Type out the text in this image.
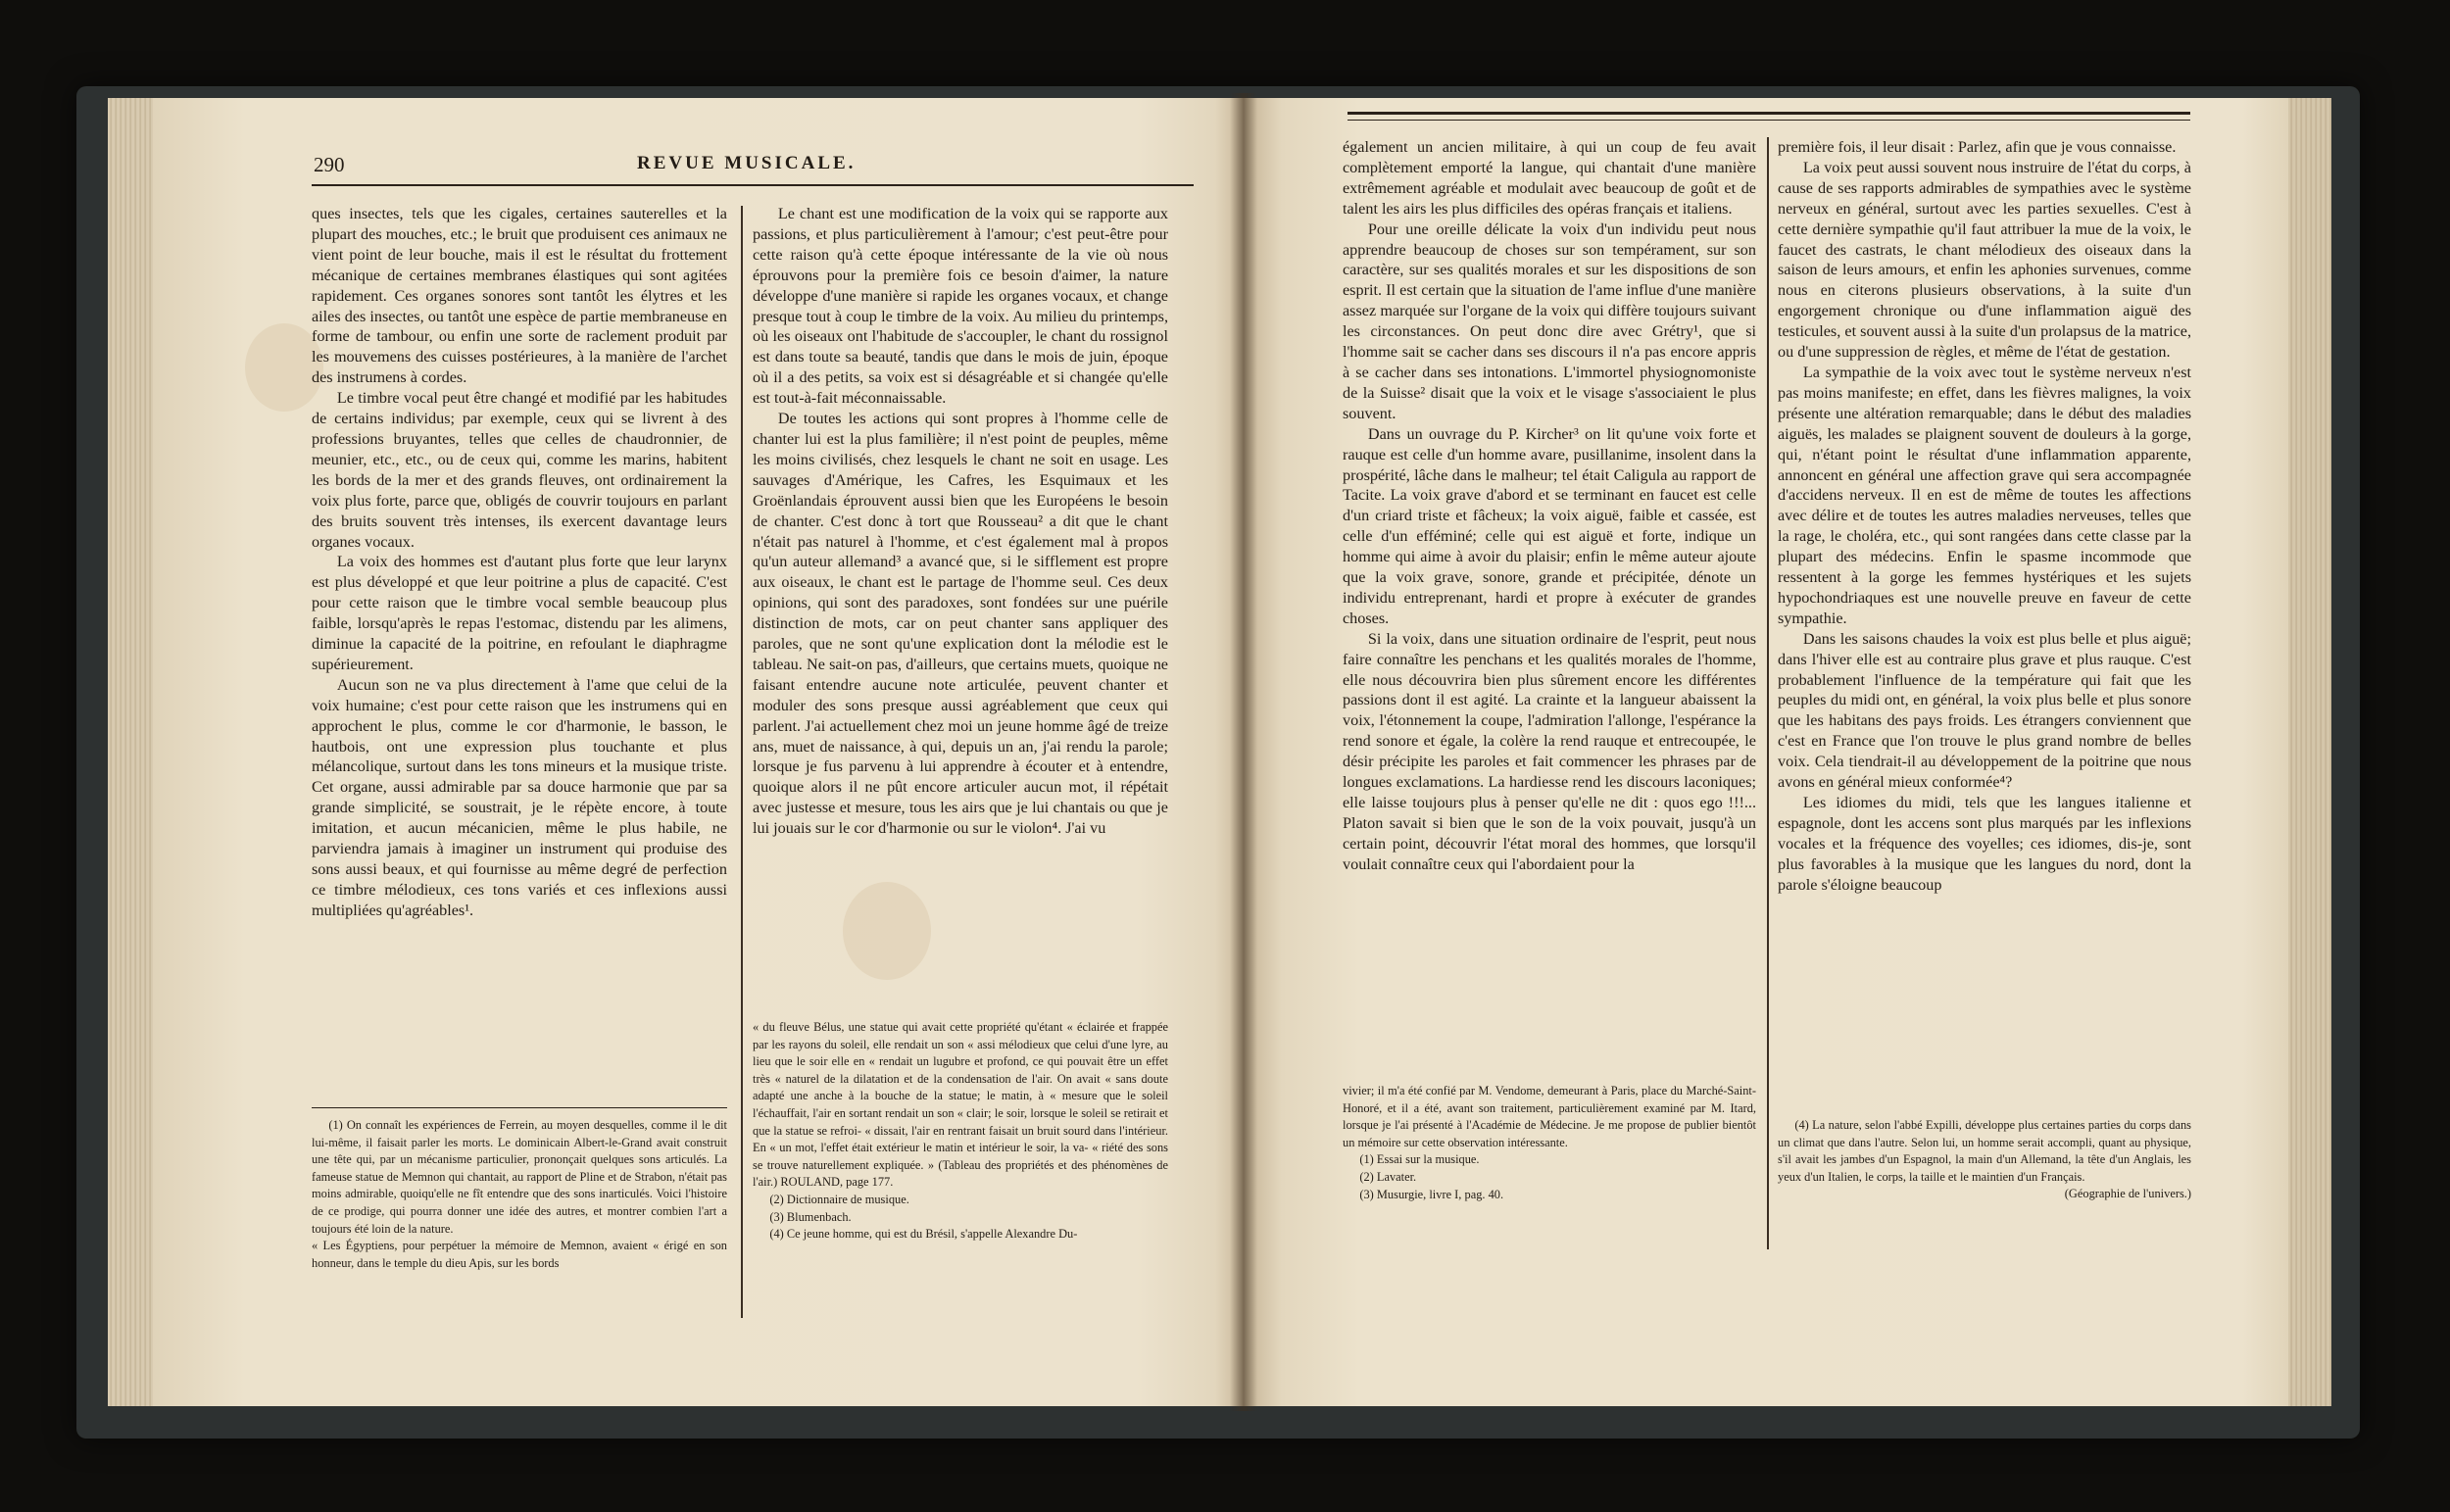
290	REVUE MUSICALE.

ques insectes, tels que les cigales, certaines sauterelles et la plupart des mouches, etc.; le bruit que produisent ces animaux ne vient point de leur bouche, mais il est le résultat du frottement mécanique de certaines membranes élastiques qui sont agitées rapidement. Ces organes sonores sont tantôt les élytres et les ailes des insectes, ou tantôt une espèce de partie membraneuse en forme de tambour, ou enfin une sorte de raclement produit par les mouvemens des cuisses postérieures, à la manière de l'archet des instrumens à cordes.

Le timbre vocal peut être changé et modifié par les habitudes de certains individus; par exemple, ceux qui se livrent à des professions bruyantes, telles que celles de chaudronnier, de meunier, etc., etc., ou de ceux qui, comme les marins, habitent les bords de la mer et des grands fleuves, ont ordinairement la voix plus forte, parce que, obligés de couvrir toujours en parlant des bruits souvent très intenses, ils exercent davantage leurs organes vocaux.

La voix des hommes est d'autant plus forte que leur larynx est plus développé et que leur poitrine a plus de capacité. C'est pour cette raison que le timbre vocal semble beaucoup plus faible, lorsqu'après le repas l'estomac, distendu par les alimens, diminue la capacité de la poitrine, en refoulant le diaphragme supérieurement.

Aucun son ne va plus directement à l'ame que celui de la voix humaine; c'est pour cette raison que les instrumens qui en approchent le plus, comme le cor d'harmonie, le basson, le hautbois, ont une expression plus touchante et plus mélancolique, surtout dans les tons mineurs et la musique triste. Cet organe, aussi admirable par sa douce harmonie que par sa grande simplicité, se soustrait, je le répète encore, à toute imitation, et aucun mécanicien, même le plus habile, ne parviendra jamais à imaginer un instrument qui produise des sons aussi beaux, et qui fournisse au même degré de perfection ce timbre mélodieux, ces tons variés et ces inflexions aussi multipliées qu'agréables¹.

(1) On connaît les expériences de Ferrein, au moyen desquelles, comme il le dit lui-même, il faisait parler les morts. Le dominicain Albert-le-Grand avait construit une tête qui, par un mécanisme particulier, prononçait quelques sons articulés. La fameuse statue de Memnon qui chantait, au rapport de Pline et de Strabon, n'était pas moins admirable, quoiqu'elle ne fît entendre que des sons inarticulés. Voici l'histoire de ce prodige, qui pourra donner une idée des autres, et montrer combien l'art a toujours été loin de la nature.

« Les Égyptiens, pour perpétuer la mémoire de Memnon, avaient « érigé en son honneur, dans le temple du dieu Apis, sur les bords

Le chant est une modification de la voix qui se rapporte aux passions, et plus particulièrement à l'amour; c'est peut-être pour cette raison qu'à cette époque intéressante de la vie où nous éprouvons pour la première fois ce besoin d'aimer, la nature développe d'une manière si rapide les organes vocaux, et change presque tout à coup le timbre de la voix. Au milieu du printemps, où les oiseaux ont l'habitude de s'accoupler, le chant du rossignol est dans toute sa beauté, tandis que dans le mois de juin, époque où il a des petits, sa voix est si désagréable et si changée qu'elle est tout-à-fait méconnaissable.

De toutes les actions qui sont propres à l'homme celle de chanter lui est la plus familière; il n'est point de peuples, même les moins civilisés, chez lesquels le chant ne soit en usage. Les sauvages d'Amérique, les Cafres, les Esquimaux et les Groënlandais éprouvent aussi bien que les Européens le besoin de chanter. C'est donc à tort que Rousseau² a dit que le chant n'était pas naturel à l'homme, et c'est également mal à propos qu'un auteur allemand³ a avancé que, si le sifflement est propre aux oiseaux, le chant est le partage de l'homme seul. Ces deux opinions, qui sont des paradoxes, sont fondées sur une puérile distinction de mots, car on peut chanter sans appliquer des paroles, que ne sont qu'une explication dont la mélodie est le tableau. Ne sait-on pas, d'ailleurs, que certains muets, quoique ne faisant entendre aucune note articulée, peuvent chanter et moduler des sons presque aussi agréablement que ceux qui parlent. J'ai actuellement chez moi un jeune homme âgé de treize ans, muet de naissance, à qui, depuis un an, j'ai rendu la parole; lorsque je fus parvenu à lui apprendre à écouter et à entendre, quoique alors il ne pût encore articuler aucun mot, il répétait avec justesse et mesure, tous les airs que je lui chantais ou que je lui jouais sur le cor d'harmonie ou sur le violon⁴. J'ai vu

« du fleuve Bélus, une statue qui avait cette propriété qu'étant « éclairée et frappée par les rayons du soleil, elle rendait un son « assi mélodieux que celui d'une lyre, au lieu que le soir elle en « rendait un lugubre et profond, ce qui pouvait être un effet très « naturel de la dilatation et de la condensation de l'air. On avait « sans doute adapté une anche à la bouche de la statue; le matin, à « mesure que le soleil l'échauffait, l'air en sortant rendait un son « clair; le soir, lorsque le soleil se retirait et que la statue se refroi- « dissait, l'air en rentrant faisait un bruit sourd dans l'intérieur. En « un mot, l'effet était extérieur le matin et intérieur le soir, la va- « riété des sons se trouve naturellement expliquée. » (Tableau des propriétés et des phénomènes de l'air.) ROULAND, page 177.

(2) Dictionnaire de musique.

(3) Blumenbach.

(4) Ce jeune homme, qui est du Brésil, s'appelle Alexandre Du-

également un ancien militaire, à qui un coup de feu avait complètement emporté la langue, qui chantait d'une manière extrêmement agréable et modulait avec beaucoup de goût et de talent les airs les plus difficiles des opéras français et italiens.

Pour une oreille délicate la voix d'un individu peut nous apprendre beaucoup de choses sur son tempérament, sur son caractère, sur ses qualités morales et sur les dispositions de son esprit. Il est certain que la situation de l'ame influe d'une manière assez marquée sur l'organe de la voix qui diffère toujours suivant les circonstances. On peut donc dire avec Grétry¹, que si l'homme sait se cacher dans ses discours il n'a pas encore appris à se cacher dans ses intonations. L'immortel physiognomoniste de la Suisse² disait que la voix et le visage s'associaient le plus souvent.

Dans un ouvrage du P. Kircher³ on lit qu'une voix forte et rauque est celle d'un homme avare, pusillanime, insolent dans la prospérité, lâche dans le malheur; tel était Caligula au rapport de Tacite. La voix grave d'abord et se terminant en faucet est celle d'un criard triste et fâcheux; la voix aiguë, faible et cassée, est celle d'un efféminé; celle qui est aiguë et forte, indique un homme qui aime à avoir du plaisir; enfin le même auteur ajoute que la voix grave, sonore, grande et précipitée, dénote un individu entreprenant, hardi et propre à exécuter de grandes choses.

Si la voix, dans une situation ordinaire de l'esprit, peut nous faire connaître les penchans et les qualités morales de l'homme, elle nous découvrira bien plus sûrement encore les différentes passions dont il est agité. La crainte et la langueur abaissent la voix, l'étonnement la coupe, l'admiration l'allonge, l'espérance la rend sonore et égale, la colère la rend rauque et entrecoupée, le désir précipite les paroles et fait commencer les phrases par de longues exclamations. La hardiesse rend les discours laconiques; elle laisse toujours plus à penser qu'elle ne dit : quos ego !!!... Platon savait si bien que le son de la voix pouvait, jusqu'à un certain point, découvrir l'état moral des hommes, que lorsqu'il voulait connaître ceux qui l'abordaient pour la

vivier; il m'a été confié par M. Vendome, demeurant à Paris, place du Marché-Saint-Honoré, et il a été, avant son traitement, particulièrement examiné par M. Itard, lorsque je l'ai présenté à l'Académie de Médecine. Je me propose de publier bientôt un mémoire sur cette observation intéressante.

(1) Essai sur la musique.

(2) Lavater.

(3) Musurgie, livre I, pag. 40.

première fois, il leur disait : Parlez, afin que je vous connaisse.

La voix peut aussi souvent nous instruire de l'état du corps, à cause de ses rapports admirables de sympathies avec le système nerveux en général, surtout avec les parties sexuelles. C'est à cette dernière sympathie qu'il faut attribuer la mue de la voix, le faucet des castrats, le chant mélodieux des oiseaux dans la saison de leurs amours, et enfin les aphonies survenues, comme nous en citerons plusieurs observations, à la suite d'un engorgement chronique ou d'une inflammation aiguë des testicules, et souvent aussi à la suite d'un prolapsus de la matrice, ou d'une suppression de règles, et même de l'état de gestation.

La sympathie de la voix avec tout le système nerveux n'est pas moins manifeste; en effet, dans les fièvres malignes, la voix présente une altération remarquable; dans le début des maladies aiguës, les malades se plaignent souvent de douleurs à la gorge, qui, n'étant point le résultat d'une inflammation apparente, annoncent en général une affection grave qui sera accompagnée d'accidens nerveux. Il en est de même de toutes les affections avec délire et de toutes les autres maladies nerveuses, telles que la rage, le choléra, etc., qui sont rangées dans cette classe par la plupart des médecins. Enfin le spasme incommode que ressentent à la gorge les femmes hystériques et les sujets hypochondriaques est une nouvelle preuve en faveur de cette sympathie.

Dans les saisons chaudes la voix est plus belle et plus aiguë; dans l'hiver elle est au contraire plus grave et plus rauque. C'est probablement l'influence de la température qui fait que les peuples du midi ont, en général, la voix plus belle et plus sonore que les habitans des pays froids. Les étrangers conviennent que c'est en France que l'on trouve le plus grand nombre de belles voix. Cela tiendrait-il au développement de la poitrine que nous avons en général mieux conformée⁴?

Les idiomes du midi, tels que les langues italienne et espagnole, dont les accens sont plus marqués par les inflexions vocales et la fréquence des voyelles; ces idiomes, dis-je, sont plus favorables à la musique que les langues du nord, dont la parole s'éloigne beaucoup

(4) La nature, selon l'abbé Expilli, développe plus certaines parties du corps dans un climat que dans l'autre. Selon lui, un homme serait accompli, quant au physique, s'il avait les jambes d'un Espagnol, la main d'un Allemand, la tête d'un Anglais, les yeux d'un Italien, le corps, la taille et le maintien d'un Français.

(Géographie de l'univers.)
